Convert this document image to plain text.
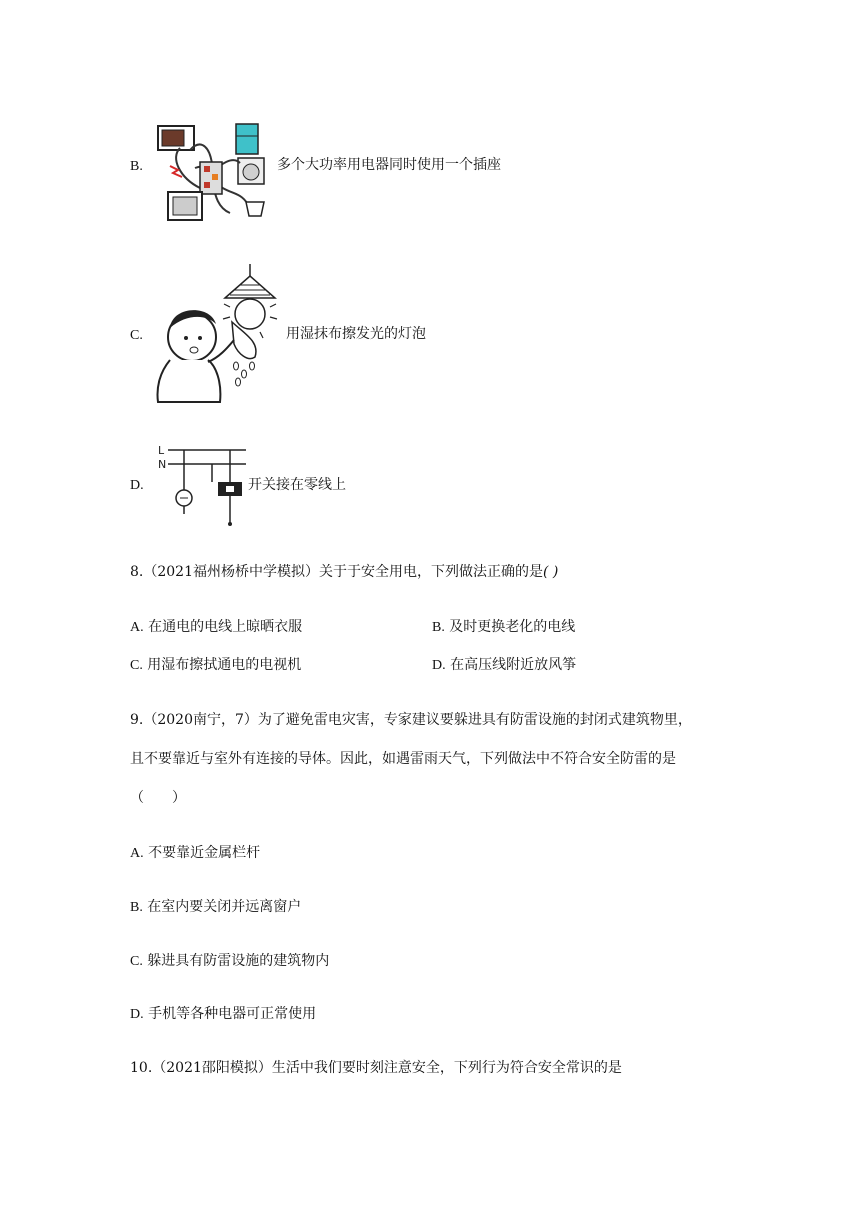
B.	多个大功率用电器同时使用一个插座
C.	用湿抹布擦发光的灯泡
D.
L
N
开关接在零线上
8.（2021福州杨桥中学模拟）关于于安全用电，下列做法正确的是( )
A. 在通电的电线上晾晒衣服	B. 及时更换老化的电线
C. 用湿布擦拭通电的电视机	D. 在高压线附近放风筝
9.（2020南宁，7）为了避免雷电灾害，专家建议要躲进具有防雷设施的封闭式建筑物里，
且不要靠近与室外有连接的导体。因此，如遇雷雨天气，下列做法中不符合安全防雷的是
（　　）
A. 不要靠近金属栏杆
B. 在室内要关闭并远离窗户
C. 躲进具有防雷设施的建筑物内
D. 手机等各种电器可正常使用
10.（2021邵阳模拟）生活中我们要时刻注意安全，下列行为符合安全常识的是
